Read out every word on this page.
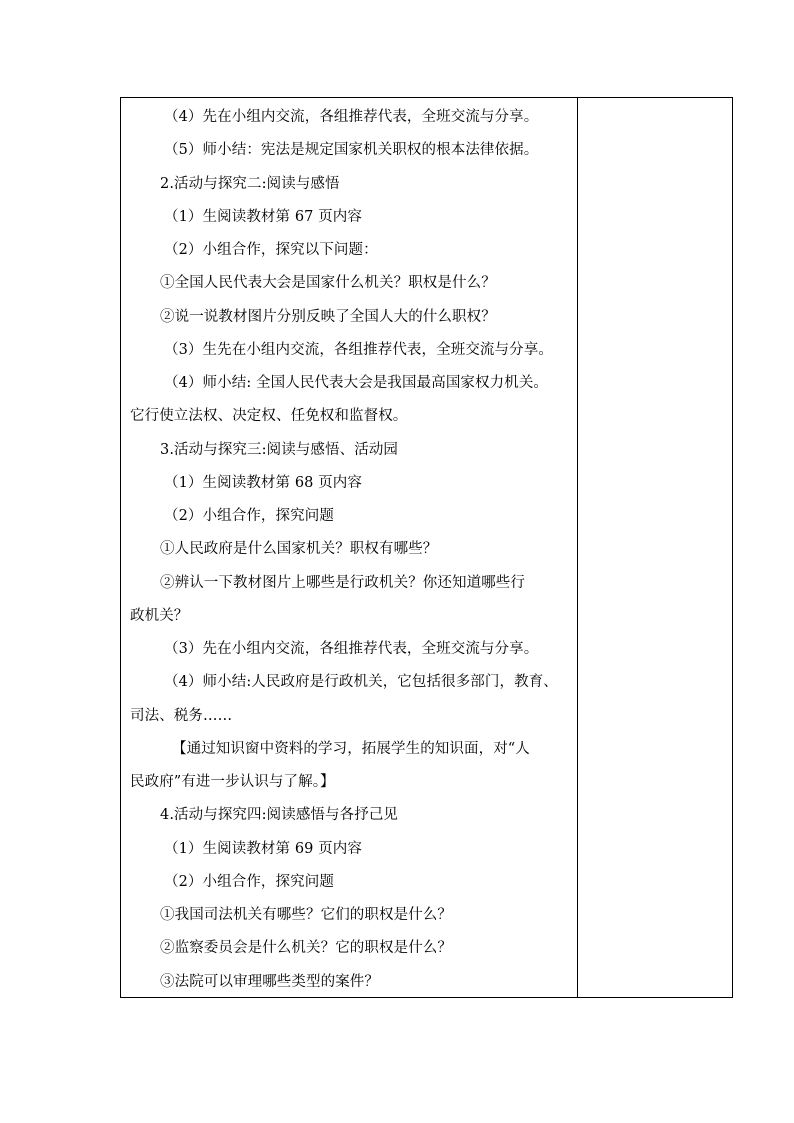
（4）先在小组内交流，各组推荐代表，全班交流与分享。
（5）师小结：宪法是规定国家机关职权的根本法律依据。
2.活动与探究二:阅读与感悟
（1）生阅读教材第 67 页内容
（2）小组合作，探究以下问题：
①全国人民代表大会是国家什么机关？职权是什么？
②说一说教材图片分别反映了全国人大的什么职权？
（3）生先在小组内交流，各组推荐代表，全班交流与分享。
（4）师小结: 全国人民代表大会是我国最高国家权力机关。
它行使立法权、决定权、任免权和监督权。
3.活动与探究三:阅读与感悟、活动园
（1）生阅读教材第 68 页内容
（2）小组合作，探究问题
①人民政府是什么国家机关？职权有哪些？
②辨认一下教材图片上哪些是行政机关？你还知道哪些行
政机关？
（3）先在小组内交流，各组推荐代表，全班交流与分享。
（4）师小结:人民政府是行政机关，它包括很多部门，教育、
司法、税务……
【通过知识窗中资料的学习，拓展学生的知识面，对“人
民政府”有进一步认识与了解。】
4.活动与探究四:阅读感悟与各抒己见
（1）生阅读教材第 69 页内容
（2）小组合作，探究问题
①我国司法机关有哪些？它们的职权是什么？
②监察委员会是什么机关？它的职权是什么？
③法院可以审理哪些类型的案件？
